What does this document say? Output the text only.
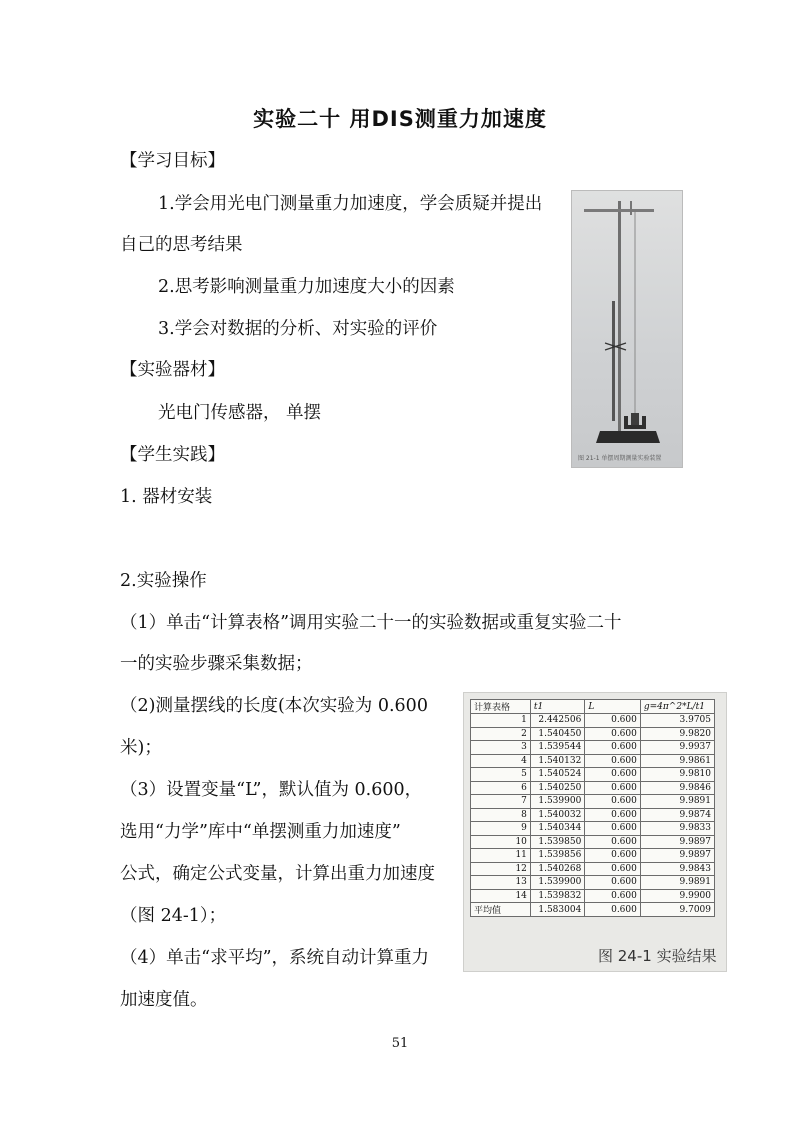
实验二十 用DIS测重力加速度
【学习目标】
1.学会用光电门测量重力加速度，学会质疑并提出
自己的思考结果
2.思考影响测量重力加速度大小的因素
3.学会对数据的分析、对实验的评价
【实验器材】
光电门传感器， 单摆
【学生实践】
1. 器材安装
2.实验操作
（1）单击“计算表格”调用实验二十一的实验数据或重复实验二十
一的实验步骤采集数据；
（2)测量摆线的长度(本次实验为 0.600
米)；
（3）设置变量“L”，默认值为 0.600，
选用“力学”库中“单摆测重力加速度”
公式，确定公式变量，计算出重力加速度
（图 24-1）；
（4）单击“求平均”，系统自动计算重力
加速度值。
图 21-1 单摆周期测量实验装置
计算表格	t1	L	g=4π^2*L/t1
1	2.442506	0.600	3.9705
2	1.540450	0.600	9.9820
3	1.539544	0.600	9.9937
4	1.540132	0.600	9.9861
5	1.540524	0.600	9.9810
6	1.540250	0.600	9.9846
7	1.539900	0.600	9.9891
8	1.540032	0.600	9.9874
9	1.540344	0.600	9.9833
10	1.539850	0.600	9.9897
11	1.539856	0.600	9.9897
12	1.540268	0.600	9.9843
13	1.539900	0.600	9.9891
14	1.539832	0.600	9.9900
平均值	1.583004	0.600	9.7009
图 24-1 实验结果
51
